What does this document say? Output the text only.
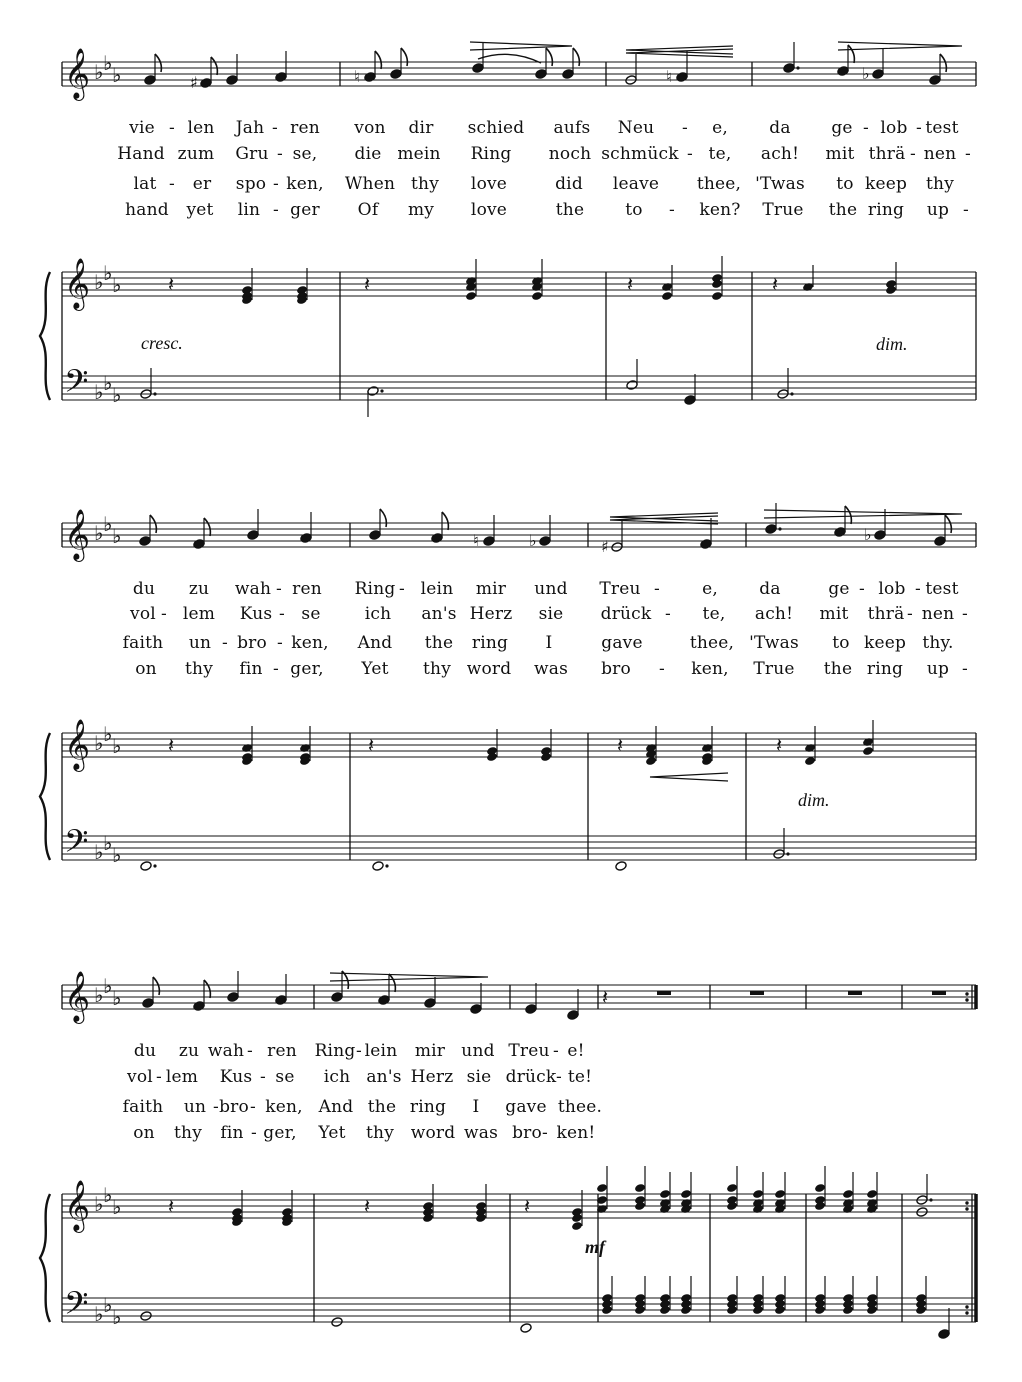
𝄞
𝄞
𝄢
♭ ♭ ♭
♭ ♭ ♭
♭ ♭ ♭
𝄞
𝄞
𝄢
♭ ♭ ♭
♭ ♭ ♭
♭ ♭ ♭
𝄞
𝄞
𝄢
♭ ♭ ♭
♭ ♭ ♭
♭ ♭ ♭
♯	♮	♮	♭
𝄽	𝄽	𝄽	𝄽
♮	♭	♯
♭
𝄽	𝄽	𝄽	𝄽
𝄽
𝄽	𝄽	𝄽
vie - len Jah - ren von dir schied aufs Neu - e, da ge - lob - test
Hand zum Gru - se, die mein Ring noch schmück - te, ach! mit thrä - nen -
lat - er spo - ken, When thy love	did leave thee, 'Twas to keep thy
hand yet lin - ger Of my love	the to - ken? True the ring up -
cresc.	dim.
du zu wah - ren Ring - lein mir und Treu - e, da	ge - lob - test
vol - lem Kus - se	ich an's Herz sie drück - te, ach! mit thrä - nen -
faith un - bro - ken, And the ring I	gave	thee, 'Twas to keep thy.
on thy fin - ger, Yet thy word was bro - ken, True the ring up -
dim.
du zu wah - ren Ring - lein mir und Treu - e!
vol - lem Kus - se ich an's Herz sie drück - te!
faith un - bro - ken, And the ring I gave thee.
on thy fin - ger, Yet thy word was bro - ken!
mf
